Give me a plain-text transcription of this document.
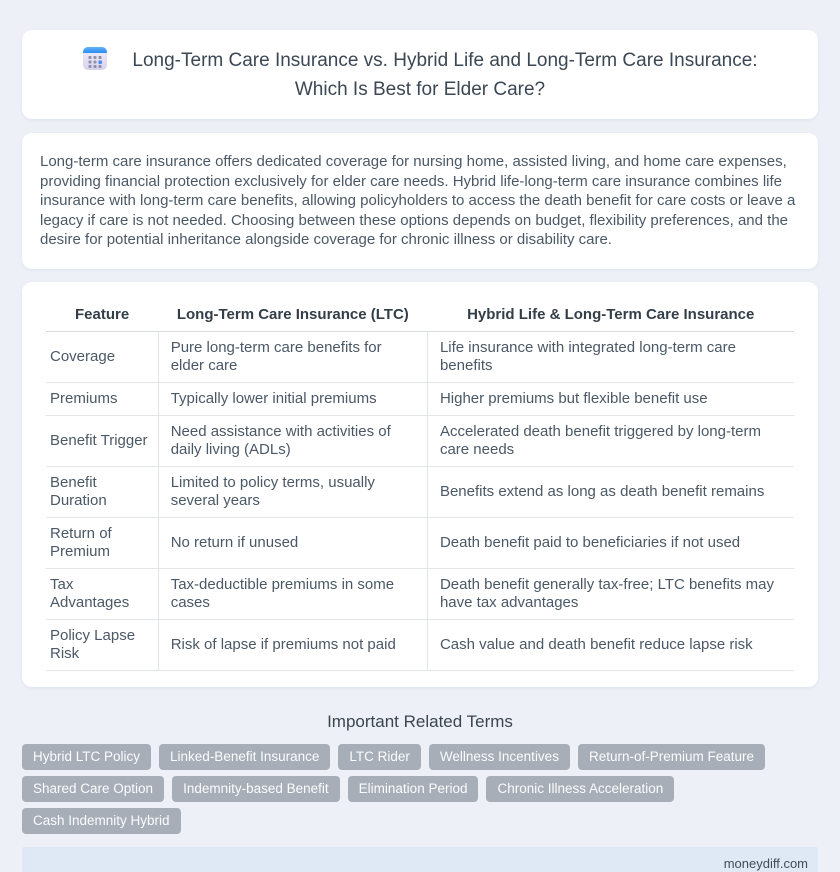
Long-Term Care Insurance vs. Hybrid Life and Long-Term Care Insurance: Which Is Best for Elder Care?

Long-term care insurance offers dedicated coverage for nursing home, assisted living, and home care expenses, providing financial protection exclusively for elder care needs. Hybrid life-long-term care insurance combines life insurance with long-term care benefits, allowing policyholders to access the death benefit for care costs or leave a legacy if care is not needed. Choosing between these options depends on budget, flexibility preferences, and the desire for potential inheritance alongside coverage for chronic illness or disability care.

Feature	Long-Term Care Insurance (LTC)	Hybrid Life & Long-Term Care Insurance
Coverage	Pure long-term care benefits for elder care	Life insurance with integrated long-term care benefits
Premiums	Typically lower initial premiums	Higher premiums but flexible benefit use
Benefit Trigger	Need assistance with activities of daily living (ADLs)	Accelerated death benefit triggered by long-term care needs
Benefit Duration	Limited to policy terms, usually several years	Benefits extend as long as death benefit remains
Return of Premium	No return if unused	Death benefit paid to beneficiaries if not used
Tax Advantages	Tax-deductible premiums in some cases	Death benefit generally tax-free; LTC benefits may have tax advantages
Policy Lapse Risk	Risk of lapse if premiums not paid	Cash value and death benefit reduce lapse risk
Important Related Terms
Hybrid LTC Policy	Linked-Benefit Insurance	LTC Rider	Wellness Incentives	Return-of-Premium Feature
Shared Care Option	Indemnity-based Benefit	Elimination Period	Chronic Illness Acceleration
Cash Indemnity Hybrid
moneydiff.com
